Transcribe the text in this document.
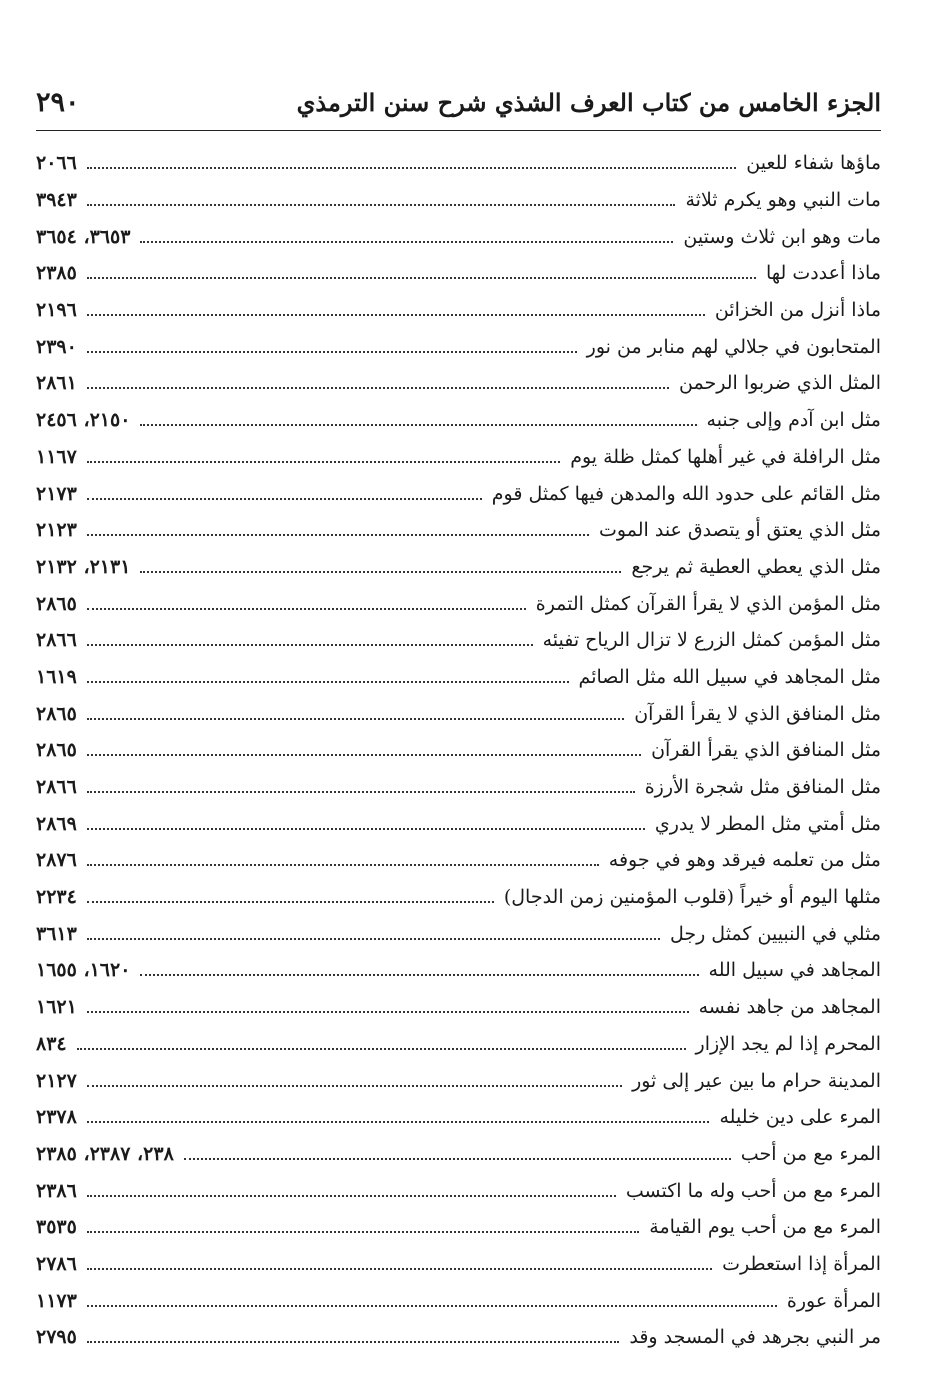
الجزء الخامس من كتاب العرف الشذي شرح سنن الترمذي
٢٩٠
ماؤها شفاء للعين
٢٠٦٦
مات النبي وهو يكرم ثلاثة
٣٩٤٣
مات وهو ابن ثلاث وستين
٣٦٥٣، ٣٦٥٤
ماذا أعددت لها
٢٣٨٥
ماذا أنزل من الخزائن
٢١٩٦
المتحابون في جلالي لهم منابر من نور
٢٣٩٠
المثل الذي ضربوا الرحمن
٢٨٦١
مثل ابن آدم وإلى جنبه
٢١٥٠، ٢٤٥٦
مثل الرافلة في غير أهلها كمثل ظلة يوم
١١٦٧
مثل القائم على حدود الله والمدهن فيها كمثل قوم
٢١٧٣
مثل الذي يعتق أو يتصدق عند الموت
٢١٢٣
مثل الذي يعطي العطية ثم يرجع
٢١٣١، ٢١٣٢
مثل المؤمن الذي لا يقرأ القرآن كمثل التمرة
٢٨٦٥
مثل المؤمن كمثل الزرع لا تزال الرياح تفيئه
٢٨٦٦
مثل المجاهد في سبيل الله مثل الصائم
١٦١٩
مثل المنافق الذي لا يقرأ القرآن
٢٨٦٥
مثل المنافق الذي يقرأ القرآن
٢٨٦٥
مثل المنافق مثل شجرة الأرزة
٢٨٦٦
مثل أمتي مثل المطر لا يدري
٢٨٦٩
مثل من تعلمه فيرقد وهو في جوفه
٢٨٧٦
مثلها اليوم أو خيراً (قلوب المؤمنين زمن الدجال)
٢٢٣٤
مثلي في النبيين كمثل رجل
٣٦١٣
المجاهد في سبيل الله
١٦٢٠، ١٦٥٥
المجاهد من جاهد نفسه
١٦٢١
المحرم إذا لم يجد الإزار
٨٣٤
المدينة حرام ما بين عير إلى ثور
٢١٢٧
المرء على دين خليله
٢٣٧٨
المرء مع من أحب
٢٣٨، ٢٣٨٧، ٢٣٨٥
المرء مع من أحب وله ما اكتسب
٢٣٨٦
المرء مع من أحب يوم القيامة
٣٥٣٥
المرأة إذا استعطرت
٢٧٨٦
المرأة عورة
١١٧٣
مر النبي بجرهد في المسجد وقد
٢٧٩٥
